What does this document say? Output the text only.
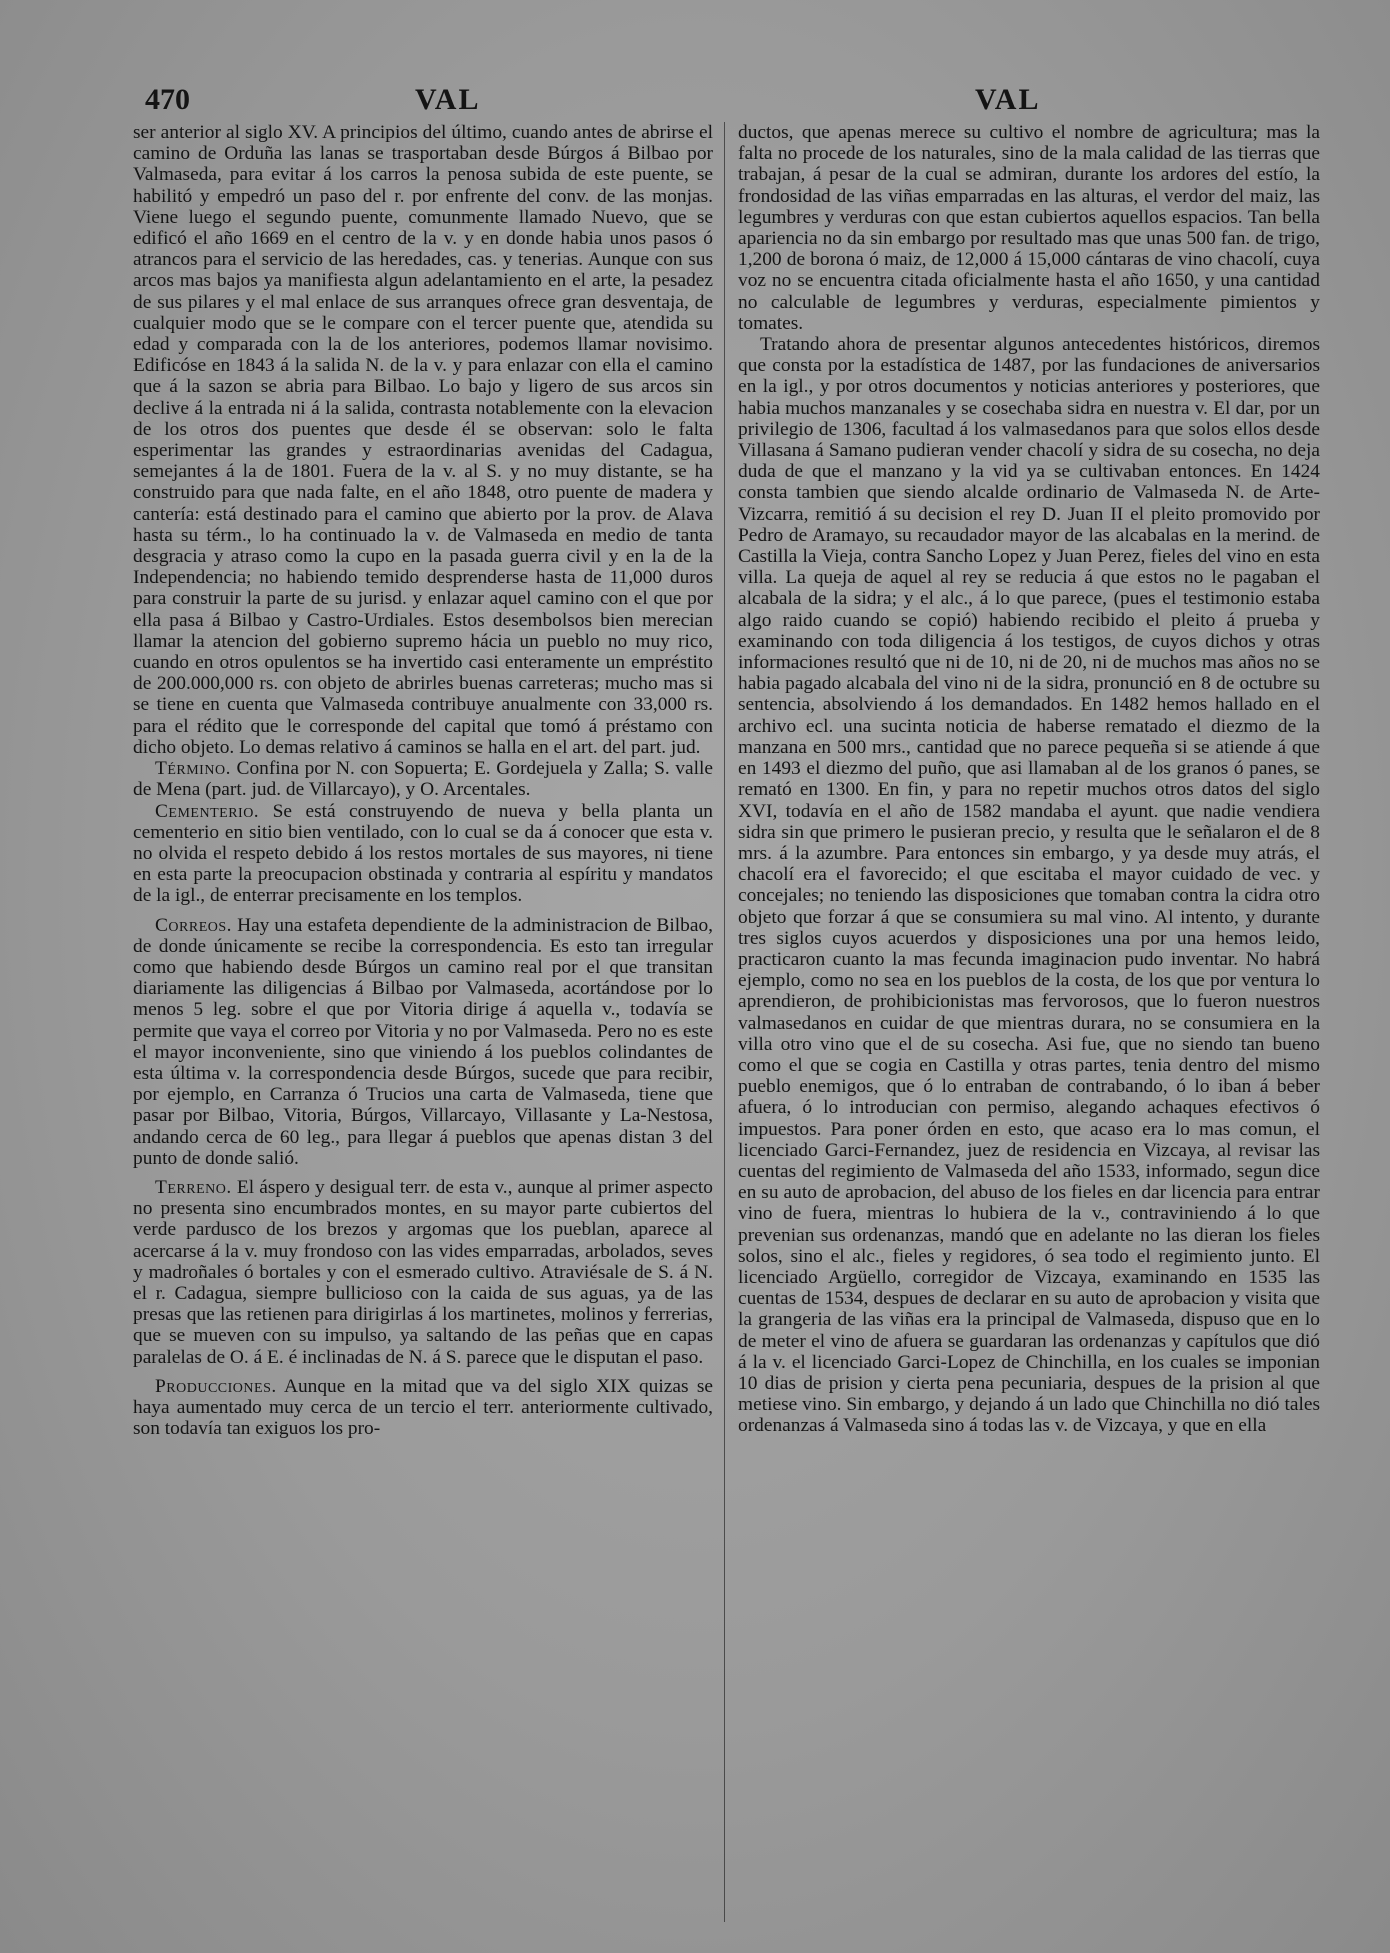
470	VAL	VAL

ser anterior al siglo XV. A principios del último, cuando antes de abrirse el camino de Orduña las lanas se trasportaban desde Búrgos á Bilbao por Valmaseda, para evitar á los carros la penosa subida de este puente, se habilitó y empedró un paso del r. por enfrente del conv. de las monjas. Viene luego el segundo puente, comunmente llamado Nuevo, que se edificó el año 1669 en el centro de la v. y en donde habia unos pasos ó atrancos para el servicio de las heredades, cas. y tenerias. Aunque con sus arcos mas bajos ya manifiesta algun adelantamiento en el arte, la pesadez de sus pilares y el mal enlace de sus arranques ofrece gran desventaja, de cualquier modo que se le compare con el tercer puente que, atendida su edad y comparada con la de los anteriores, podemos llamar novisimo. Edificóse en 1843 á la salida N. de la v. y para enlazar con ella el camino que á la sazon se abria para Bilbao. Lo bajo y ligero de sus arcos sin declive á la entrada ni á la salida, contrasta notablemente con la elevacion de los otros dos puentes que desde él se observan: solo le falta esperimentar las grandes y estraordinarias avenidas del Cadagua, semejantes á la de 1801. Fuera de la v. al S. y no muy distante, se ha construido para que nada falte, en el año 1848, otro puente de madera y cantería: está destinado para el camino que abierto por la prov. de Alava hasta su térm., lo ha continuado la v. de Valmaseda en medio de tanta desgracia y atraso como la cupo en la pasada guerra civil y en la de la Independencia; no habiendo temido desprenderse hasta de 11,000 duros para construir la parte de su jurisd. y enlazar aquel camino con el que por ella pasa á Bilbao y Castro-Urdiales. Estos desembolsos bien merecian llamar la atencion del gobierno supremo hácia un pueblo no muy rico, cuando en otros opulentos se ha invertido casi enteramente un empréstito de 200.000,000 rs. con objeto de abrirles buenas carreteras; mucho mas si se tiene en cuenta que Valmaseda contribuye anualmente con 33,000 rs. para el rédito que le corresponde del capital que tomó á préstamo con dicho objeto. Lo demas relativo á caminos se halla en el art. del part. jud.

Término. Confina por N. con Sopuerta; E. Gordejuela y Zalla; S. valle de Mena (part. jud. de Villarcayo), y O. Arcentales.

Cementerio. Se está construyendo de nueva y bella planta un cementerio en sitio bien ventilado, con lo cual se da á conocer que esta v. no olvida el respeto debido á los restos mortales de sus mayores, ni tiene en esta parte la preocupacion obstinada y contraria al espíritu y mandatos de la igl., de enterrar precisamente en los templos.

Correos. Hay una estafeta dependiente de la administracion de Bilbao, de donde únicamente se recibe la correspondencia. Es esto tan irregular como que habiendo desde Búrgos un camino real por el que transitan diariamente las diligencias á Bilbao por Valmaseda, acortándose por lo menos 5 leg. sobre el que por Vitoria dirige á aquella v., todavía se permite que vaya el correo por Vitoria y no por Valmaseda. Pero no es este el mayor inconveniente, sino que viniendo á los pueblos colindantes de esta última v. la correspondencia desde Búrgos, sucede que para recibir, por ejemplo, en Carranza ó Trucios una carta de Valmaseda, tiene que pasar por Bilbao, Vitoria, Búrgos, Villarcayo, Villasante y La-Nestosa, andando cerca de 60 leg., para llegar á pueblos que apenas distan 3 del punto de donde salió.

Terreno. El áspero y desigual terr. de esta v., aunque al primer aspecto no presenta sino encumbrados montes, en su mayor parte cubiertos del verde pardusco de los brezos y argomas que los pueblan, aparece al acercarse á la v. muy frondoso con las vides emparradas, arbolados, seves y madroñales ó bortales y con el esmerado cultivo. Atraviésale de S. á N. el r. Cadagua, siempre bullicioso con la caida de sus aguas, ya de las presas que las retienen para dirigirlas á los martinetes, molinos y ferrerias, que se mueven con su impulso, ya saltando de las peñas que en capas paralelas de O. á E. é inclinadas de N. á S. parece que le disputan el paso.

Producciones. Aunque en la mitad que va del siglo XIX quizas se haya aumentado muy cerca de un tercio el terr. anteriormente cultivado, son todavía tan exiguos los pro-

ductos, que apenas merece su cultivo el nombre de agricultura; mas la falta no procede de los naturales, sino de la mala calidad de las tierras que trabajan, á pesar de la cual se admiran, durante los ardores del estío, la frondosidad de las viñas emparradas en las alturas, el verdor del maiz, las legumbres y verduras con que estan cubiertos aquellos espacios. Tan bella apariencia no da sin embargo por resultado mas que unas 500 fan. de trigo, 1,200 de borona ó maiz, de 12,000 á 15,000 cántaras de vino chacolí, cuya voz no se encuentra citada oficialmente hasta el año 1650, y una cantidad no calculable de legumbres y verduras, especialmente pimientos y tomates.

Tratando ahora de presentar algunos antecedentes históricos, diremos que consta por la estadística de 1487, por las fundaciones de aniversarios en la igl., y por otros documentos y noticias anteriores y posteriores, que habia muchos manzanales y se cosechaba sidra en nuestra v. El dar, por un privilegio de 1306, facultad á los valmasedanos para que solos ellos desde Villasana á Samano pudieran vender chacolí y sidra de su cosecha, no deja duda de que el manzano y la vid ya se cultivaban entonces. En 1424 consta tambien que siendo alcalde ordinario de Valmaseda N. de Arte-Vizcarra, remitió á su decision el rey D. Juan II el pleito promovido por Pedro de Aramayo, su recaudador mayor de las alcabalas en la merind. de Castilla la Vieja, contra Sancho Lopez y Juan Perez, fieles del vino en esta villa. La queja de aquel al rey se reducia á que estos no le pagaban el alcabala de la sidra; y el alc., á lo que parece, (pues el testimonio estaba algo raido cuando se copió) habiendo recibido el pleito á prueba y examinando con toda diligencia á los testigos, de cuyos dichos y otras informaciones resultó que ni de 10, ni de 20, ni de muchos mas años no se habia pagado alcabala del vino ni de la sidra, pronunció en 8 de octubre su sentencia, absolviendo á los demandados. En 1482 hemos hallado en el archivo ecl. una sucinta noticia de haberse rematado el diezmo de la manzana en 500 mrs., cantidad que no parece pequeña si se atiende á que en 1493 el diezmo del puño, que asi llamaban al de los granos ó panes, se remató en 1300. En fin, y para no repetir muchos otros datos del siglo XVI, todavía en el año de 1582 mandaba el ayunt. que nadie vendiera sidra sin que primero le pusieran precio, y resulta que le señalaron el de 8 mrs. á la azumbre. Para entonces sin embargo, y ya desde muy atrás, el chacolí era el favorecido; el que escitaba el mayor cuidado de vec. y concejales; no teniendo las disposiciones que tomaban contra la cidra otro objeto que forzar á que se consumiera su mal vino. Al intento, y durante tres siglos cuyos acuerdos y disposiciones una por una hemos leido, practicaron cuanto la mas fecunda imaginacion pudo inventar. No habrá ejemplo, como no sea en los pueblos de la costa, de los que por ventura lo aprendieron, de prohibicionistas mas fervorosos, que lo fueron nuestros valmasedanos en cuidar de que mientras durara, no se consumiera en la villa otro vino que el de su cosecha. Asi fue, que no siendo tan bueno como el que se cogia en Castilla y otras partes, tenia dentro del mismo pueblo enemigos, que ó lo entraban de contrabando, ó lo iban á beber afuera, ó lo introducian con permiso, alegando achaques efectivos ó impuestos. Para poner órden en esto, que acaso era lo mas comun, el licenciado Garci-Fernandez, juez de residencia en Vizcaya, al revisar las cuentas del regimiento de Valmaseda del año 1533, informado, segun dice en su auto de aprobacion, del abuso de los fieles en dar licencia para entrar vino de fuera, mientras lo hubiera de la v., contraviniendo á lo que prevenian sus ordenanzas, mandó que en adelante no las dieran los fieles solos, sino el alc., fieles y regidores, ó sea todo el regimiento junto. El licenciado Argüello, corregidor de Vizcaya, examinando en 1535 las cuentas de 1534, despues de declarar en su auto de aprobacion y visita que la grangeria de las viñas era la principal de Valmaseda, dispuso que en lo de meter el vino de afuera se guardaran las ordenanzas y capítulos que dió á la v. el licenciado Garci-Lopez de Chinchilla, en los cuales se imponian 10 dias de prision y cierta pena pecuniaria, despues de la prision al que metiese vino. Sin embargo, y dejando á un lado que Chinchilla no dió tales ordenanzas á Valmaseda sino á todas las v. de Vizcaya, y que en ella
